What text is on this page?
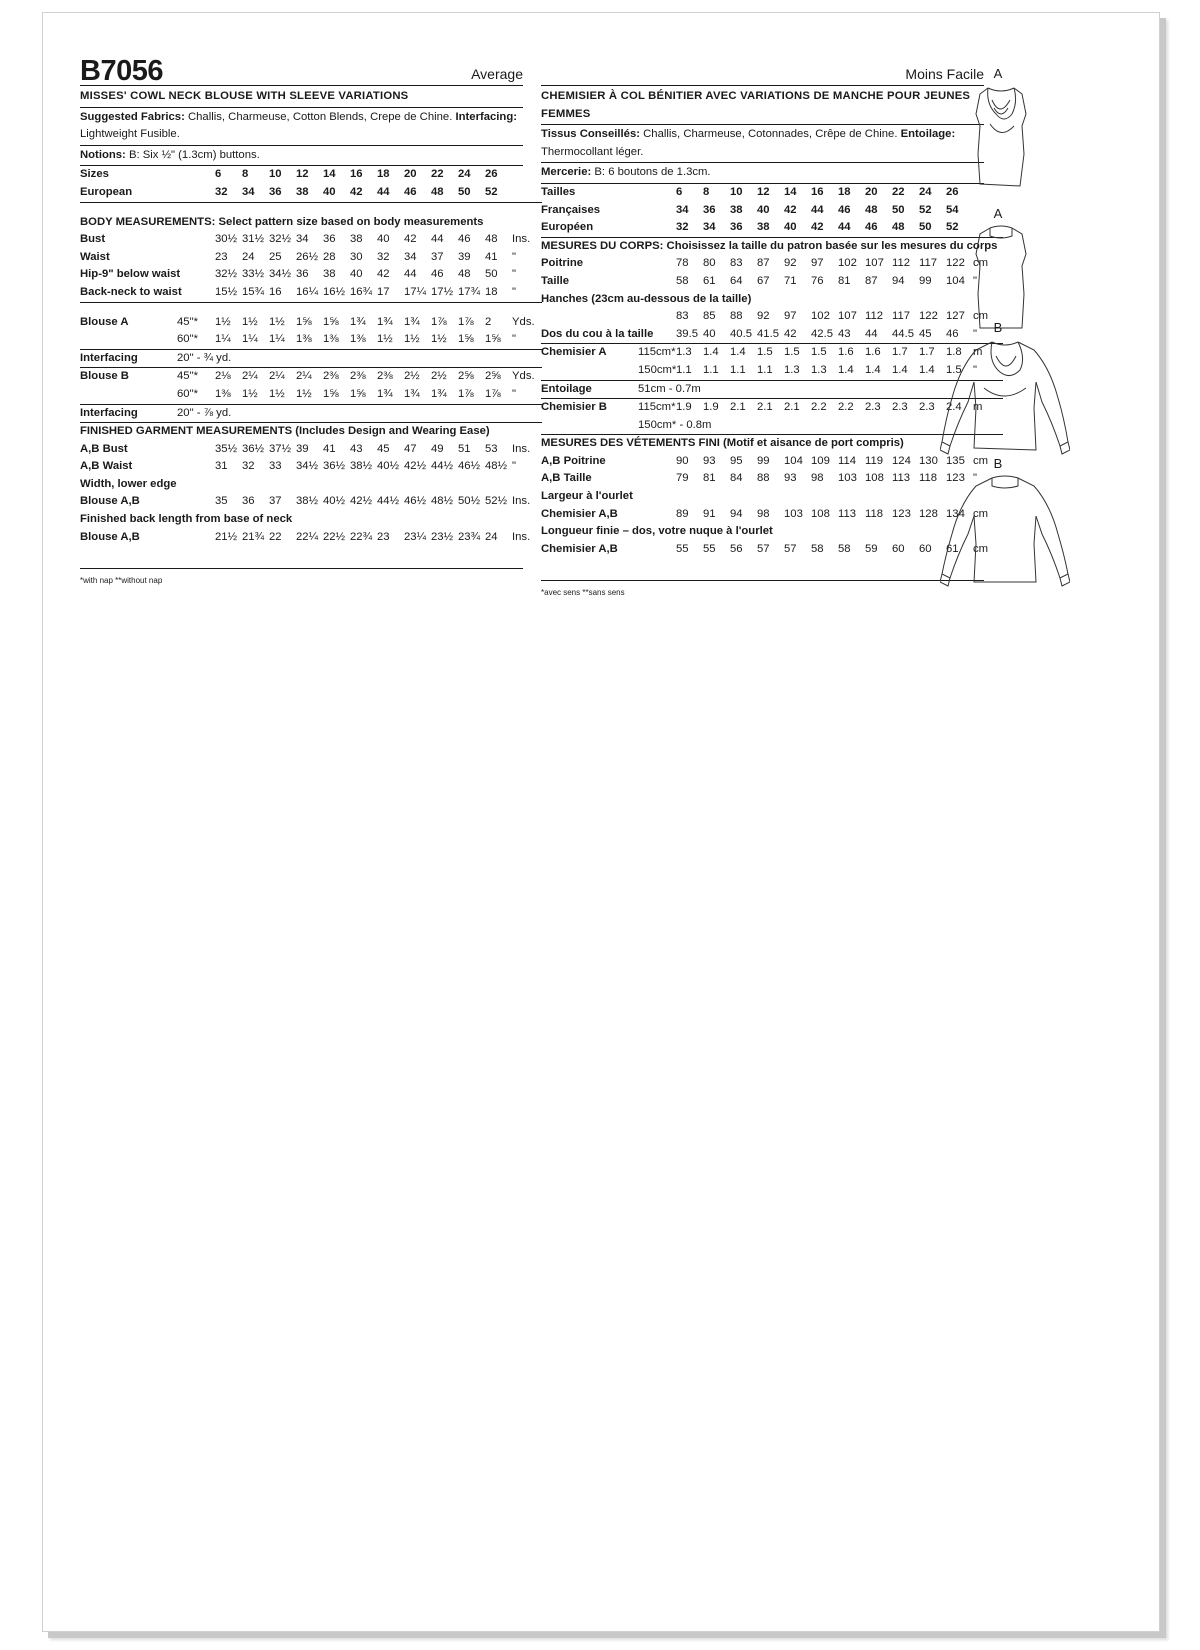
B7056	Average
MISSES' COWL NECK BLOUSE WITH SLEEVE VARIATIONS
Suggested Fabrics: Challis, Charmeuse, Cotton Blends, Crepe de Chine. Interfacing: Lightweight Fusible.
Notions: B: Six ½" (1.3cm) buttons.
Sizes		6	8	10	12	14	16	18	20	22	24	26	
European		32	34	36	38	40	42	44	46	48	50	52	

BODY MEASUREMENTS: Select pattern size based on body measurements													
Bust		30½	31½	32½	34	36	38	40	42	44	46	48	Ins.
Waist		23	24	25	26½	28	30	32	34	37	39	41	"
Hip-9" below waist		32½	33½	34½	36	38	40	42	44	46	48	50	"
Back-neck to waist		15½	15¾	16	16¼	16½	16¾	17	17¼	17½	17¾	18	"

Blouse A	45"*	1½	1½	1½	1⅝	1⅝	1¾	1¾	1¾	1⅞	1⅞	2	Yds.
	60"*	1¼	1¼	1¼	1⅜	1⅜	1⅜	1½	1½	1½	1⅝	1⅝	"
Interfacing	20" - ¾ yd.												
Blouse B	45"*	2⅛	2¼	2¼	2¼	2⅜	2⅜	2⅜	2½	2½	2⅝	2⅝	Yds.
	60"*	1⅜	1½	1½	1½	1⅝	1⅝	1¾	1¾	1¾	1⅞	1⅞	"
Interfacing	20" - ⅞ yd.												
FINISHED GARMENT MEASUREMENTS (Includes Design and Wearing Ease)													
A,B Bust		35½	36½	37½	39	41	43	45	47	49	51	53	Ins.
A,B Waist		31	32	33	34½	36½	38½	40½	42½	44½	46½	48½	"
Width, lower edge													
Blouse A,B		35	36	37	38½	40½	42½	44½	46½	48½	50½	52½	Ins.
Finished back length from base of neck													
Blouse A,B		21½	21¾	22	22¼	22½	22¾	23	23¼	23½	23¾	24	Ins.
*with nap **without nap
Moins Facile
CHEMISIER À COL BÉNITIER AVEC VARIATIONS DE MANCHE POUR JEUNES FEMMES
Tissus Conseillés: Challis, Charmeuse, Cotonnades, Crêpe de Chine. Entoilage: Thermocollant léger.
Mercerie: B: 6 boutons de 1.3cm.
Tailles		6	8	10	12	14	16	18	20	22	24	26	
Françaises		34	36	38	40	42	44	46	48	50	52	54	
Européen		32	34	36	38	40	42	44	46	48	50	52	
MESURES DU CORPS: Choisissez la taille du patron basée sur les mesures du corps													
Poitrine		78	80	83	87	92	97	102	107	112	117	122	cm
Taille		58	61	64	67	71	76	81	87	94	99	104	"
Hanches (23cm au-dessous de la taille)													
		83	85	88	92	97	102	107	112	117	122	127	cm
Dos du cou à la taille		39.5	40	40.5	41.5	42	42.5	43	44	44.5	45	46	"
Chemisier A	115cm*	1.3	1.4	1.4	1.5	1.5	1.5	1.6	1.6	1.7	1.7	1.8	m
	150cm*	1.1	1.1	1.1	1.1	1.3	1.3	1.4	1.4	1.4	1.4	1.5	"
Entoilage	51cm - 0.7m												
Chemisier B	115cm*	1.9	1.9	2.1	2.1	2.1	2.2	2.2	2.3	2.3	2.3	2.4	m
	150cm* - 0.8m												
MESURES DES VÉTEMENTS FINI (Motif et aisance de port compris)													
A,B Poitrine		90	93	95	99	104	109	114	119	124	130	135	cm
A,B Taille		79	81	84	88	93	98	103	108	113	118	123	"
Largeur à l'ourlet													
Chemisier A,B		89	91	94	98	103	108	113	118	123	128	134	cm
Longueur finie – dos, votre nuque à l'ourlet													
Chemisier A,B		55	55	56	57	57	58	58	59	60	60	61	cm
*avec sens **sans sens
A
A
B
B
